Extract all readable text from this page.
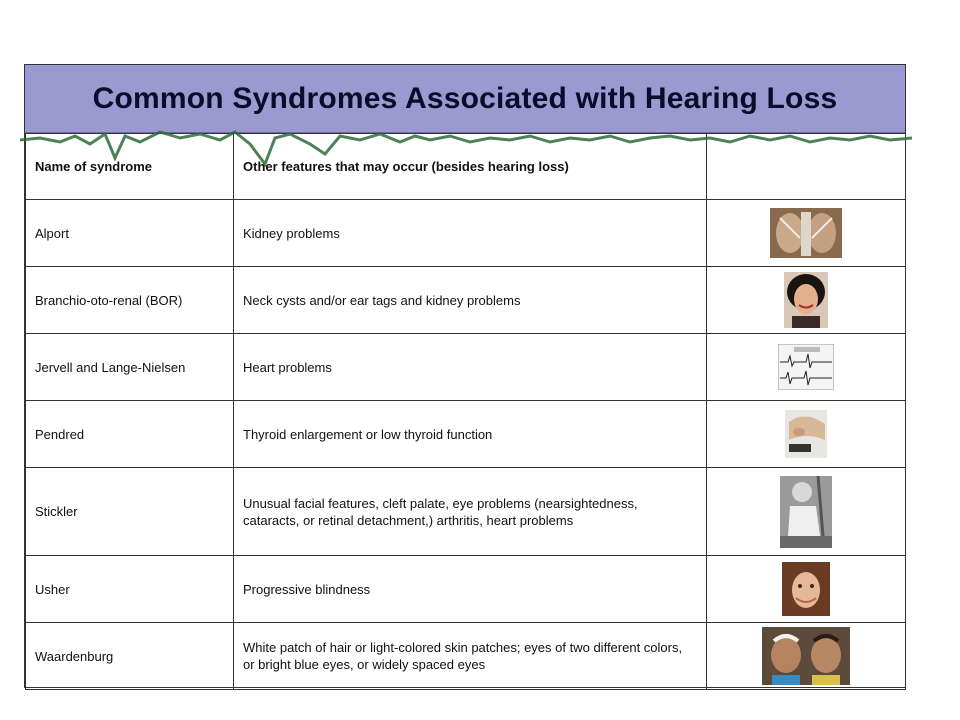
Common Syndromes Associated with Hearing Loss
Name of syndrome	Other features that may occur (besides hearing loss)	
Alport	Kidney problems	
Branchio-oto-renal (BOR)	Neck cysts and/or ear tags and kidney problems	
Jervell and Lange-Nielsen	Heart problems	
Pendred	Thyroid enlargement or low thyroid function	
Stickler	Unusual facial features, cleft palate, eye problems (nearsightedness, cataracts, or retinal detachment,) arthritis, heart problems	
Usher	Progressive blindness	
Waardenburg	White patch of hair or light-colored skin patches; eyes of two different colors, or bright blue eyes, or widely spaced eyes	
